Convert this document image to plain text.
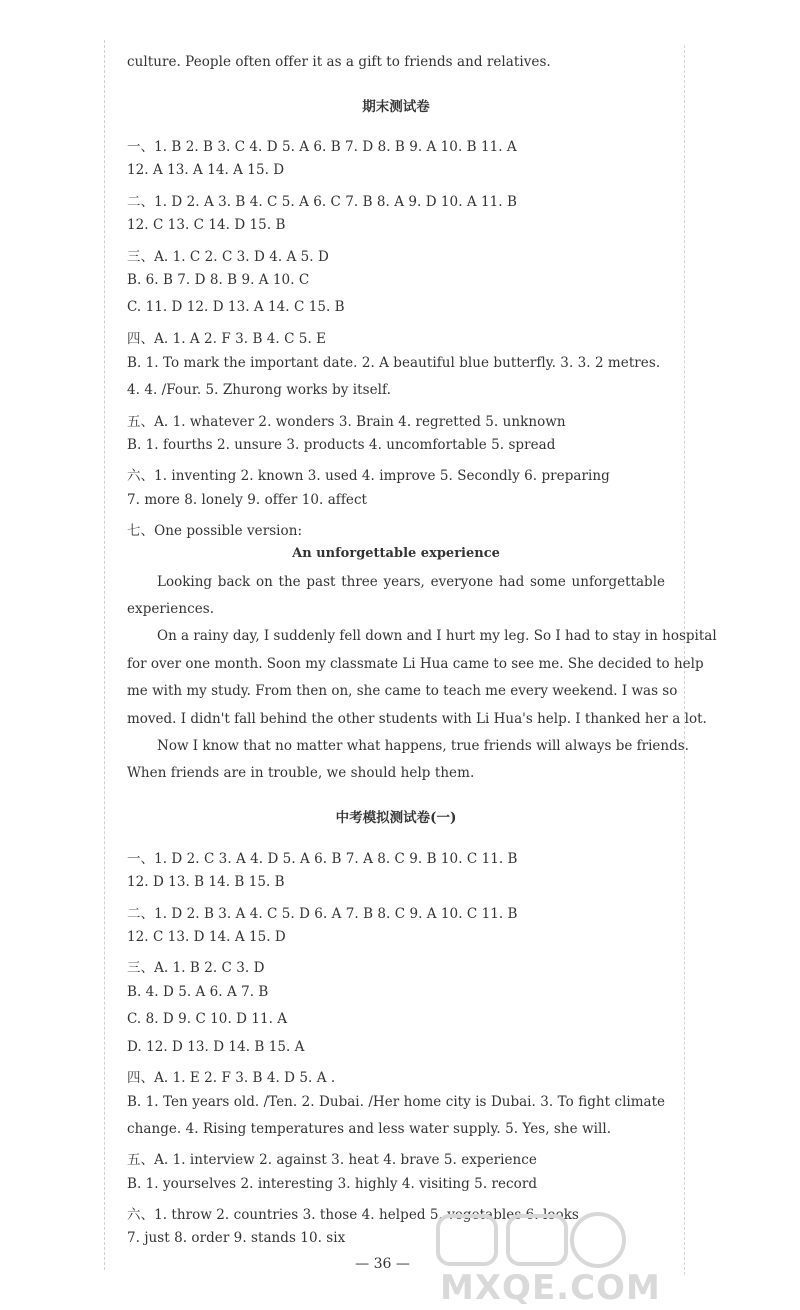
culture. People often offer it as a gift to friends and relatives.
期末测试卷
一、1. B 2. B 3. C 4. D 5. A 6. B 7. D 8. B 9. A 10. B 11. A
12. A 13. A 14. A 15. D
二、1. D 2. A 3. B 4. C 5. A 6. C 7. B 8. A 9. D 10. A 11. B
12. C 13. C 14. D 15. B
三、A. 1. C 2. C 3. D 4. A 5. D
B. 6. B 7. D 8. B 9. A 10. C
C. 11. D 12. D 13. A 14. C 15. B
四、A. 1. A 2. F 3. B 4. C 5. E
B. 1. To mark the important date. 2. A beautiful blue butterfly. 3. 3. 2 metres.
4. 4. /Four. 5. Zhurong works by itself.
五、A. 1. whatever 2. wonders 3. Brain 4. regretted 5. unknown
B. 1. fourths 2. unsure 3. products 4. uncomfortable 5. spread
六、1. inventing 2. known 3. used 4. improve 5. Secondly 6. preparing
7. more 8. lonely 9. offer 10. affect
七、One possible version:
An unforgettable experience
Looking back on the past three years, everyone had some unforgettable
experiences.
On a rainy day, I suddenly fell down and I hurt my leg. So I had to stay in hospital
for over one month. Soon my classmate Li Hua came to see me. She decided to help
me with my study. From then on, she came to teach me every weekend. I was so
moved. I didn't fall behind the other students with Li Hua's help. I thanked her a lot.
Now I know that no matter what happens, true friends will always be friends.
When friends are in trouble, we should help them.
中考模拟测试卷(一)
一、1. D 2. C 3. A 4. D 5. A 6. B 7. A 8. C 9. B 10. C 11. B
12. D 13. B 14. B 15. B
二、1. D 2. B 3. A 4. C 5. D 6. A 7. B 8. C 9. A 10. C 11. B
12. C 13. D 14. A 15. D
三、A. 1. B 2. C 3. D
B. 4. D 5. A 6. A 7. B
C. 8. D 9. C 10. D 11. A
D. 12. D 13. D 14. B 15. A
四、A. 1. E 2. F 3. B 4. D 5. A .
B. 1. Ten years old. /Ten. 2. Dubai. /Her home city is Dubai. 3. To fight climate
change. 4. Rising temperatures and less water supply. 5. Yes, she will.
五、A. 1. interview 2. against 3. heat 4. brave 5. experience
B. 1. yourselves 2. interesting 3. highly 4. visiting 5. record
六、1. throw 2. countries 3. those 4. helped 5. vegetables 6. looks
7. just 8. order 9. stands 10. six
— 36 —
MXQE.COM
